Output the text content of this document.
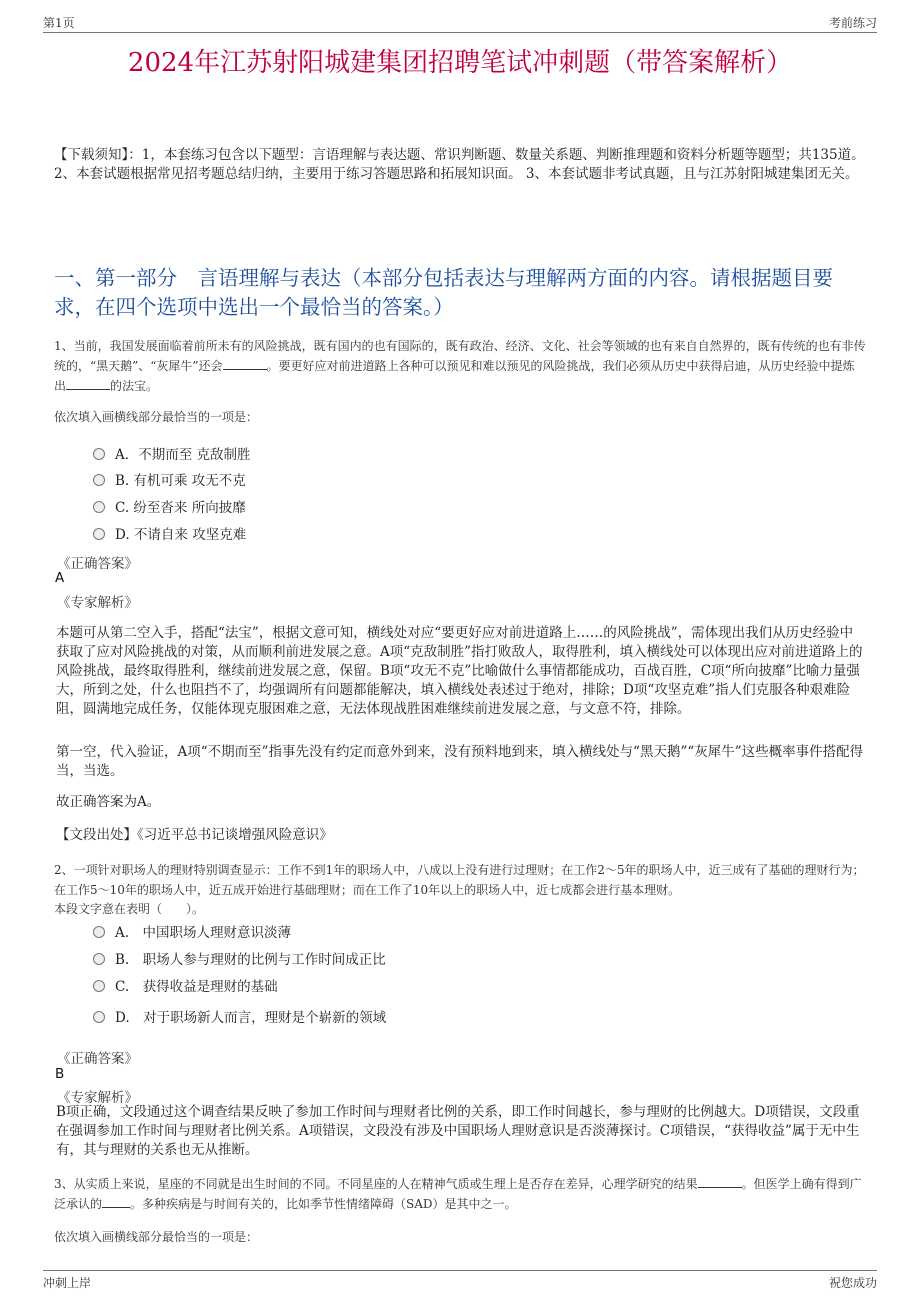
第1页	考前练习
2024年江苏射阳城建集团招聘笔试冲刺题（带答案解析）
【下载须知】：1，本套练习包含以下题型：言语理解与表达题、常识判断题、数量关系题、判断推理题和资料分析题等题型；共135道。 2、本套试题根据常见招考题总结归纳，主要用于练习答题思路和拓展知识面。 3、本套试题非考试真题，且与江苏射阳城建集团无关。
一、第一部分　言语理解与表达（本部分包括表达与理解两方面的内容。请根据题目要求，在四个选项中选出一个最恰当的答案。）
1、当前，我国发展面临着前所未有的风险挑战，既有国内的也有国际的，既有政治、经济、文化、社会等领域的也有来自自然界的，既有传统的也有非传统的，“黑天鹅”、“灰犀牛”还会	。要更好应对前进道路上各种可以预见和难以预见的风险挑战，我们必须从历史中获得启迪，从历史经验中提炼出	的法宝。
依次填入画横线部分最恰当的一项是：
A．不期而至 克敌制胜
B. 有机可乘 攻无不克
C. 纷至沓来 所向披靡
D. 不请自来 攻坚克难
《正确答案》
A
《专家解析》
本题可从第二空入手，搭配“法宝”，根据文意可知，横线处对应“要更好应对前进道路上……的风险挑战”，需体现出我们从历史经验中获取了应对风险挑战的对策，从而顺利前进发展之意。A项“克敌制胜”指打败敌人，取得胜利，填入横线处可以体现出应对前进道路上的风险挑战，最终取得胜利，继续前进发展之意，保留。B项“攻无不克”比喻做什么事情都能成功，百战百胜，C项“所向披靡”比喻力量强大，所到之处，什么也阻挡不了，均强调所有问题都能解决，填入横线处表述过于绝对，排除；D项“攻坚克难”指人们克服各种艰难险阻，圆满地完成任务，仅能体现克服困难之意，无法体现战胜困难继续前进发展之意，与文意不符，排除。
第一空，代入验证，A项“不期而至”指事先没有约定而意外到来，没有预料地到来，填入横线处与“黑天鹅”“灰犀牛”这些概率事件搭配得当，当选。
故正确答案为A。
【文段出处】《习近平总书记谈增强风险意识》
2、一项针对职场人的理财特别调查显示：工作不到1年的职场人中，八成以上没有进行过理财；在工作2～5年的职场人中，近三成有了基础的理财行为；在工作5～10年的职场人中，近五成开始进行基础理财；而在工作了10年以上的职场人中，近七成都会进行基本理财。
本段文字意在表明（　　）。
A.　中国职场人理财意识淡薄
B.　职场人参与理财的比例与工作时间成正比
C.　获得收益是理财的基础
D.　对于职场新人而言，理财是个崭新的领域
《正确答案》
B
《专家解析》
B项正确，文段通过这个调查结果反映了参加工作时间与理财者比例的关系，即工作时间越长，参与理财的比例越大。D项错误，文段重在强调参加工作时间与理财者比例关系。A项错误，文段没有涉及中国职场人理财意识是否淡薄探讨。C项错误，“获得收益”属于无中生有，其与理财的关系也无从推断。
3、从实质上来说，星座的不同就是出生时间的不同。不同星座的人在精神气质或生理上是否存在差异，心理学研究的结果	。但医学上确有得到广泛承认的 。多种疾病是与时间有关的，比如季节性情绪障碍（SAD）是其中之一。
依次填入画横线部分最恰当的一项是：
冲刺上岸	祝您成功
